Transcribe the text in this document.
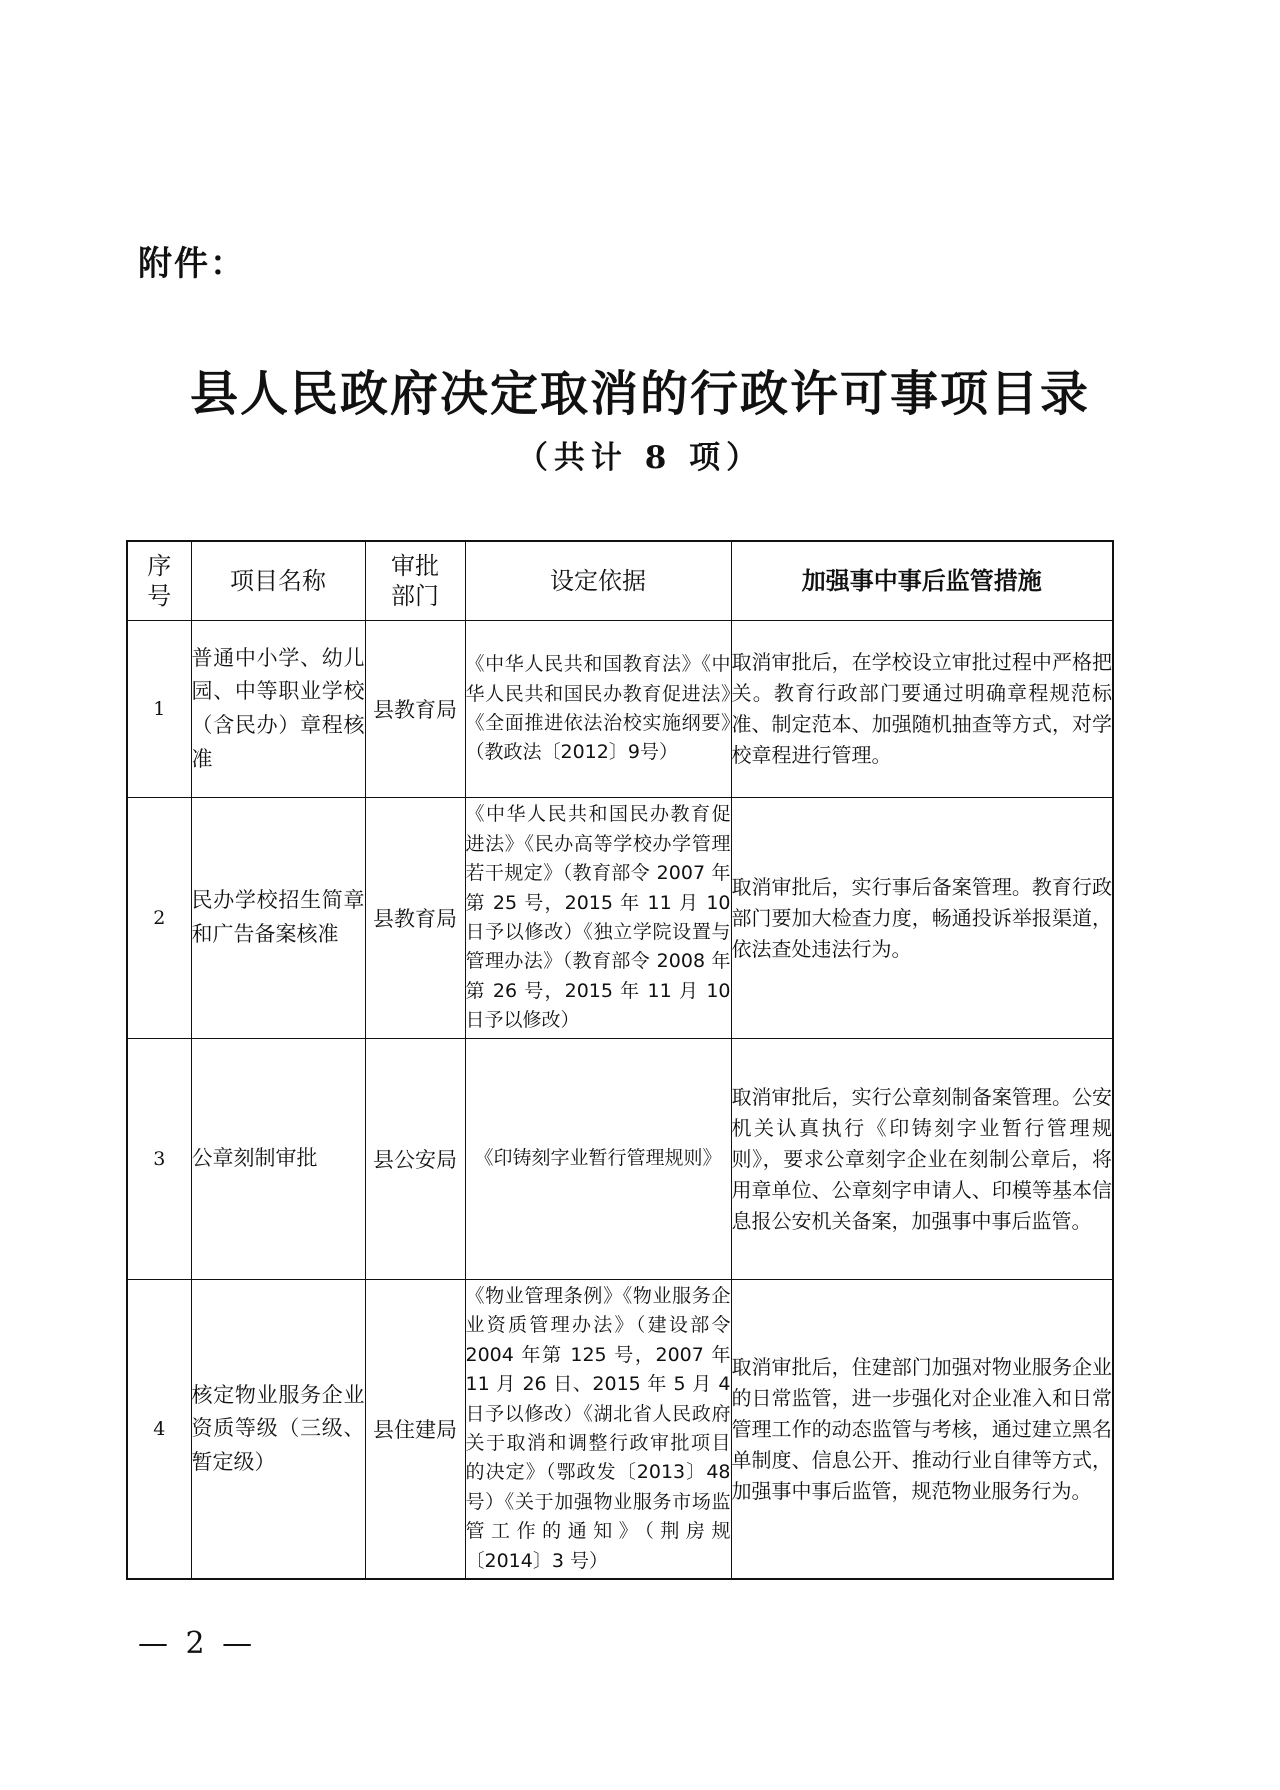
附件：
县人民政府决定取消的行政许可事项目录
（共计 8 项）
序号	项目名称	审批部门	设定依据	加强事中事后监管措施
1	普通中小学、幼儿园、中等职业学校（含民办）章程核准	县教育局	《中华人民共和国教育法》《中华人民共和国民办教育促进法》《全面推进依法治校实施纲要》（教政法〔2012〕9号）	取消审批后，在学校设立审批过程中严格把关。教育行政部门要通过明确章程规范标准、制定范本、加强随机抽查等方式，对学校章程进行管理。
2	民办学校招生简章和广告备案核准	县教育局	《中华人民共和国民办教育促进法》《民办高等学校办学管理若干规定》（教育部令 2007 年第 25 号，2015 年 11 月 10 日予以修改）《独立学院设置与管理办法》（教育部令 2008 年第 26 号，2015 年 11 月 10 日予以修改）	取消审批后，实行事后备案管理。教育行政部门要加大检查力度，畅通投诉举报渠道，依法查处违法行为。
3	公章刻制审批	县公安局	《印铸刻字业暂行管理规则》	取消审批后，实行公章刻制备案管理。公安机关认真执行《印铸刻字业暂行管理规则》，要求公章刻字企业在刻制公章后，将用章单位、公章刻字申请人、印模等基本信息报公安机关备案，加强事中事后监管。
4	核定物业服务企业资质等级（三级、暂定级）	县住建局	《物业管理条例》《物业服务企业资质管理办法》（建设部令 2004 年第 125 号，2007 年 11 月 26 日、2015 年 5 月 4 日予以修改）《湖北省人民政府关于取消和调整行政审批项目的决定》（鄂政发〔2013〕48 号）《关于加强物业服务市场监管工作的通知》（荆房规〔2014〕3 号）	取消审批后，住建部门加强对物业服务企业的日常监管，进一步强化对企业准入和日常管理工作的动态监管与考核，通过建立黑名单制度、信息公开、推动行业自律等方式，加强事中事后监管，规范物业服务行为。
— 2 —
